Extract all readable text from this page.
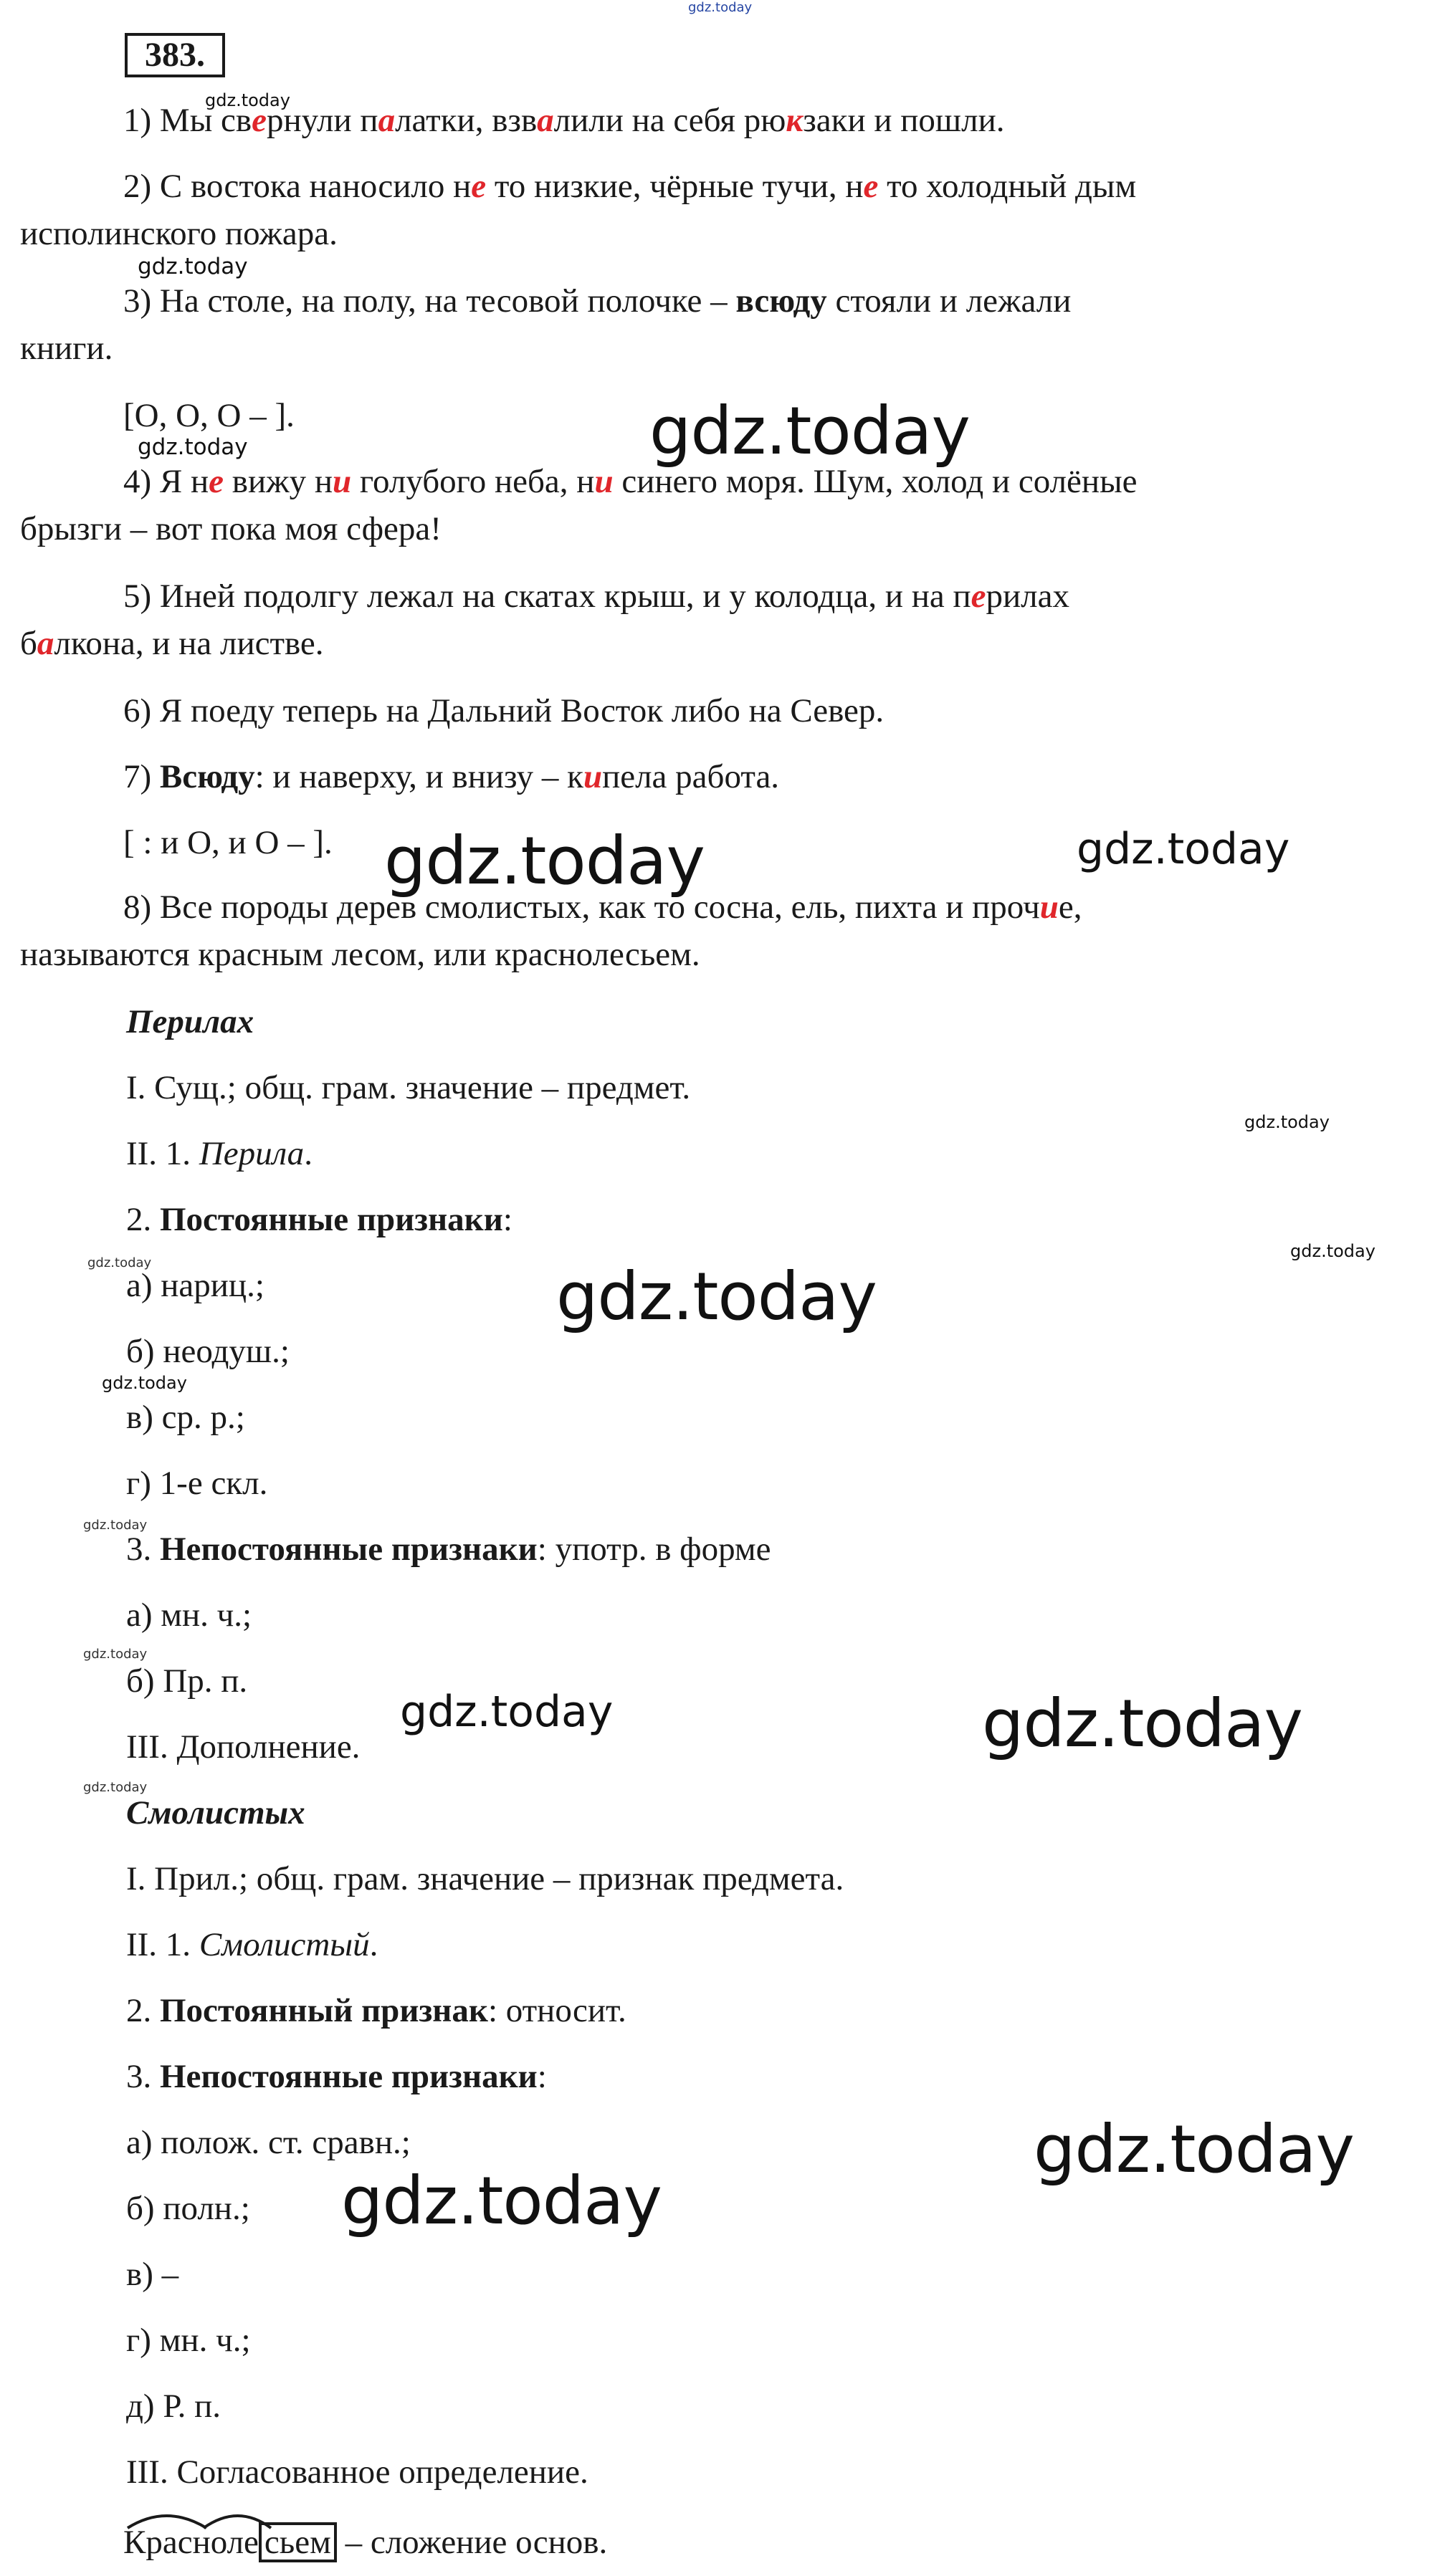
383.
1) Мы свернули палатки, взвалили на себя рюкзаки и пошли.
2) С востока наносило не то низкие, чёрные тучи, не то холодный дым
исполинского пожара.
3) На столе, на полу, на тесовой полочке – всюду стояли и лежали
книги.
[O, O, O – ].
4) Я не вижу ни голубого неба, ни синего моря. Шум, холод и солёные
брызги – вот пока моя сфера!
5) Иней подолгу лежал на скатах крыш, и у колодца, и на перилах
балкона, и на листве.
6) Я поеду теперь на Дальний Восток либо на Север.
7) Всюду: и наверху, и внизу – кипела работа.
[ : и O, и O – ].
8) Все породы дерев смолистых, как то сосна, ель, пихта и прочие,
называются красным лесом, или краснолесьем.
Перилах
I. Сущ.; общ. грам. значение – предмет.
II. 1. Перила.
2. Постоянные признаки:
а) нариц.;
б) неодуш.;
в) ср. р.;
г) 1-е скл.
3. Непостоянные признаки: употр. в форме
а) мн. ч.;
б) Пр. п.
III. Дополнение.
Смолистых
I. Прил.; общ. грам. значение – признак предмета.
II. 1. Смолистый.
2. Постоянный признак: относит.
3. Непостоянные признаки:
а) полож. ст. сравн.;
б) полн.;
в) –
г) мн. ч.;
д) Р. п.
III. Согласованное определение.
Красноле сьем – сложение основ.
gdz.today
gdz.today
gdz.today
gdz.today
gdz.today
gdz.today	gdz.today
gdz.today
gdz.today
gdz.today	gdz.today
gdz.today
gdz.today
gdz.today
gdz.today	gdz.today
gdz.today
gdz.today
gdz.today
